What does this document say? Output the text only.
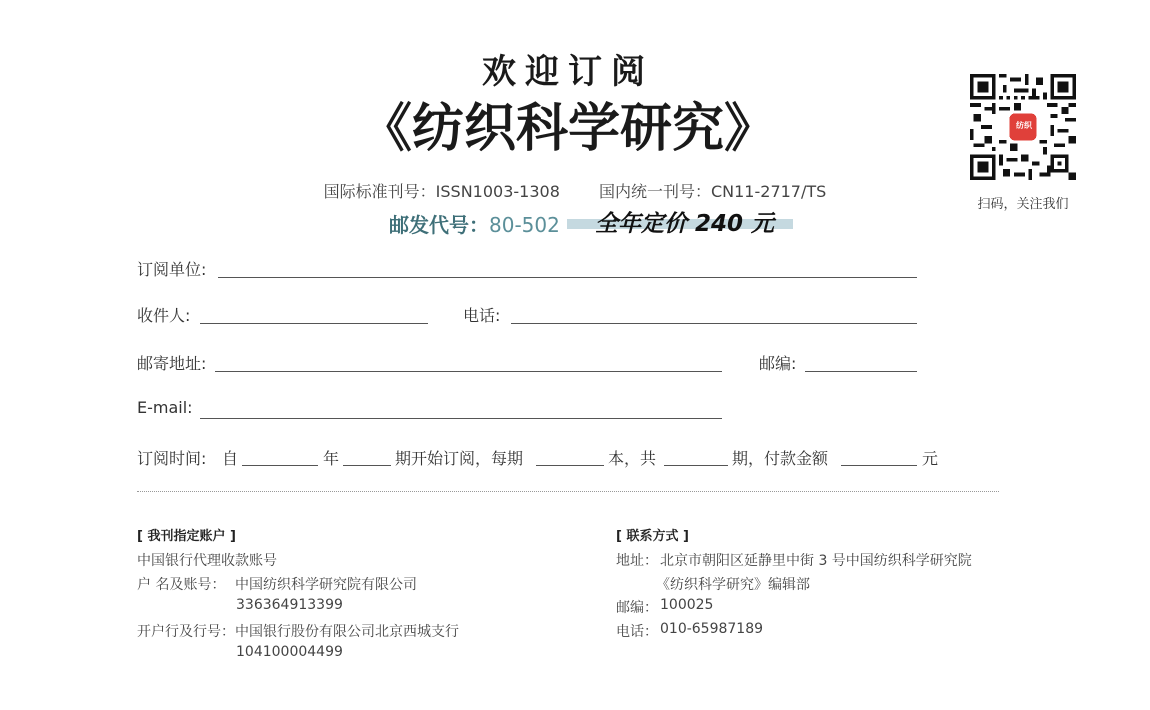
欢迎订阅
《纺织科学研究》
国际标准刊号：ISSN1003-1308 国内统一刊号：CN11-2717/TS
邮发代号：80-502 全年定价 240 元
纺织
扫码，关注我们
订阅单位:
收件人:	电话:
邮寄地址:	邮编:
E-mail:
订阅时间: 自	年	期开始订阅，每期	本，共	期，付款金额	元
[ 我刊指定账户 ]
中国银行代理收款账号
户 名及账号： 中国纺织科学研究院有限公司
336364913399
开户行及行号： 中国银行股份有限公司北京西城支行
104100004499
[ 联系方式 ]
地址： 北京市朝阳区延静里中街 3 号中国纺织科学研究院
《纺织科学研究》编辑部
邮编： 100025
电话： 010-65987189
